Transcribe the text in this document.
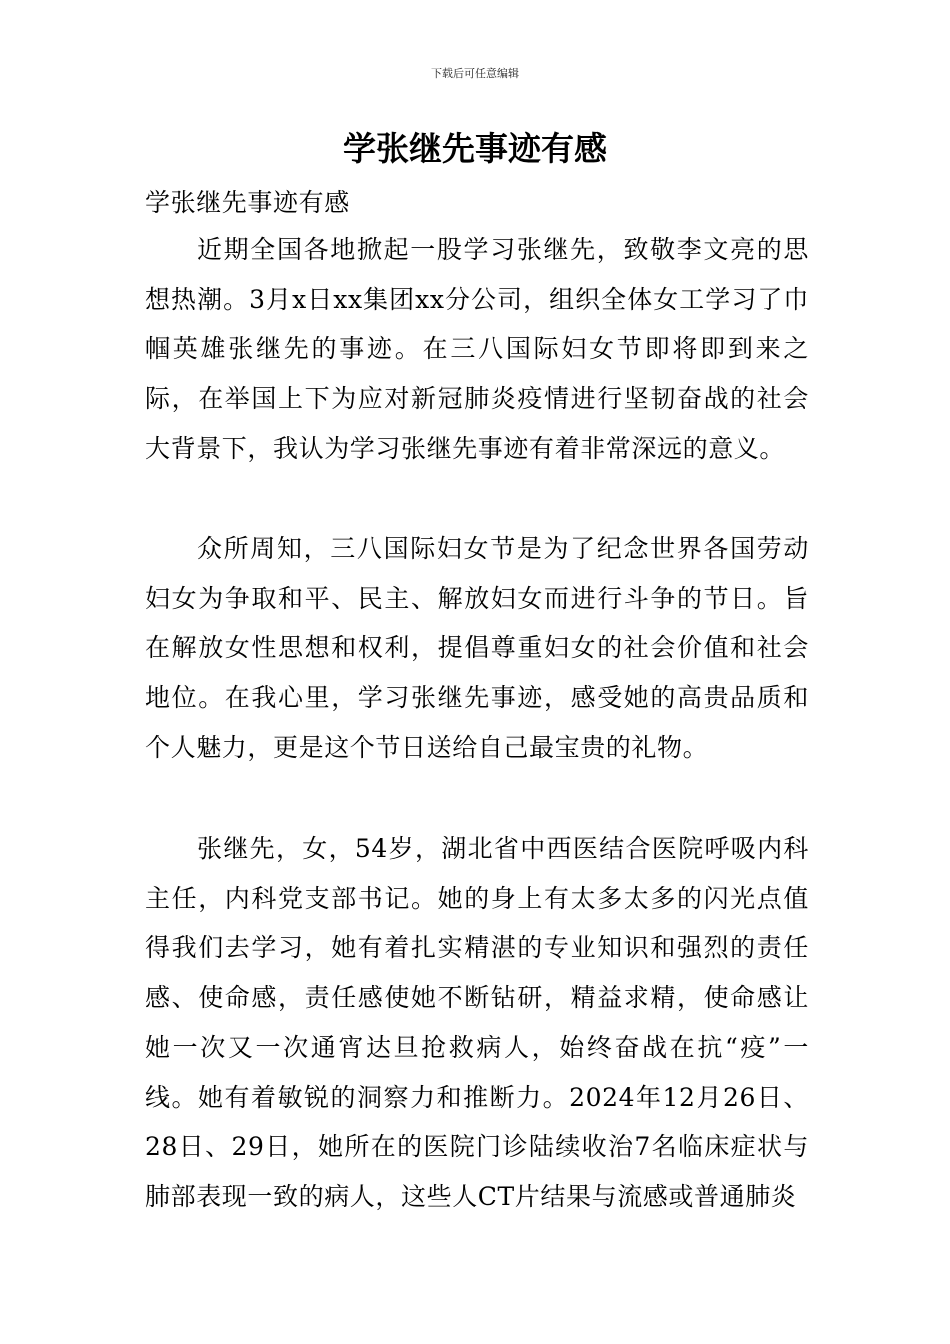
下载后可任意编辑
学张继先事迹有感

学张继先事迹有感

近期全国各地掀起一股学习张继先，致敬李文亮的思想热潮。3月x日xx集团xx分公司，组织全体女工学习了巾帼英雄张继先的事迹。在三八国际妇女节即将即到来之际，在举国上下为应对新冠肺炎疫情进行坚韧奋战的社会大背景下，我认为学习张继先事迹有着非常深远的意义。

众所周知，三八国际妇女节是为了纪念世界各国劳动妇女为争取和平、民主、解放妇女而进行斗争的节日。旨在解放女性思想和权利，提倡尊重妇女的社会价值和社会地位。在我心里，学习张继先事迹，感受她的高贵品质和个人魅力，更是这个节日送给自己最宝贵的礼物。

张继先，女，54岁，湖北省中西医结合医院呼吸内科主任，内科党支部书记。她的身上有太多太多的闪光点值得我们去学习，她有着扎实精湛的专业知识和强烈的责任感、使命感，责任感使她不断钻研，精益求精，使命感让她一次又一次通宵达旦抢救病人，始终奋战在抗“疫”一线。她有着敏锐的洞察力和推断力。2024年12月26日、28日、29日，她所在的医院门诊陆续收治7名临床症状与肺部表现一致的病人，这些人CT片结果与流感或普通肺炎
